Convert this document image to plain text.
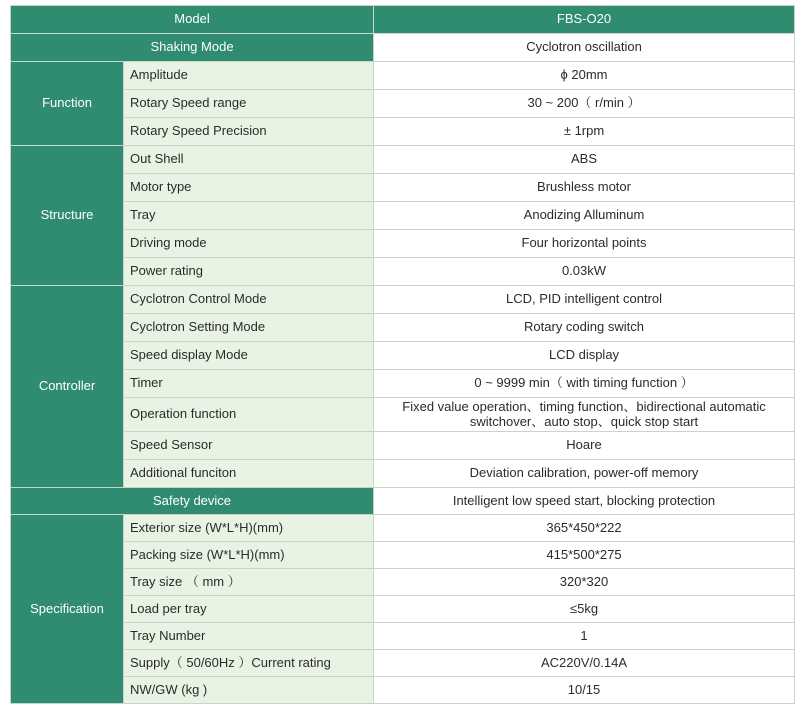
Model		FBS-O20
Shaking Mode		Cyclotron oscillation
Function	Amplitude	ϕ 20mm
	Rotary Speed range	30 ~ 200（ r/min ）
	Rotary Speed Precision	± 1rpm
Structure	Out Shell	ABS
	Motor type	Brushless motor
	Tray	Anodizing Alluminum
	Driving mode	Four horizontal points
	Power rating	0.03kW
Controller	Cyclotron Control Mode	LCD, PID intelligent control
	Cyclotron Setting Mode	Rotary coding switch
	Speed display Mode	LCD display
	Timer	0 ~ 9999 min（ with timing function ）
	Operation function	Fixed value operation、timing function、bidirectional automatic switchover、auto stop、quick stop start
	Speed Sensor	Hoare
	Additional funciton	Deviation calibration, power-off memory
Safety device		Intelligent low speed start, blocking protection
Specification	Exterior size (W*L*H)(mm)	365*450*222
	Packing size (W*L*H)(mm)	415*500*275
	Tray size （ mm ）	320*320
	Load per tray	≤5kg
	Tray Number	1
	Supply（ 50/60Hz ）Current rating	AC220V/0.14A
	NW/GW (kg )	10/15
